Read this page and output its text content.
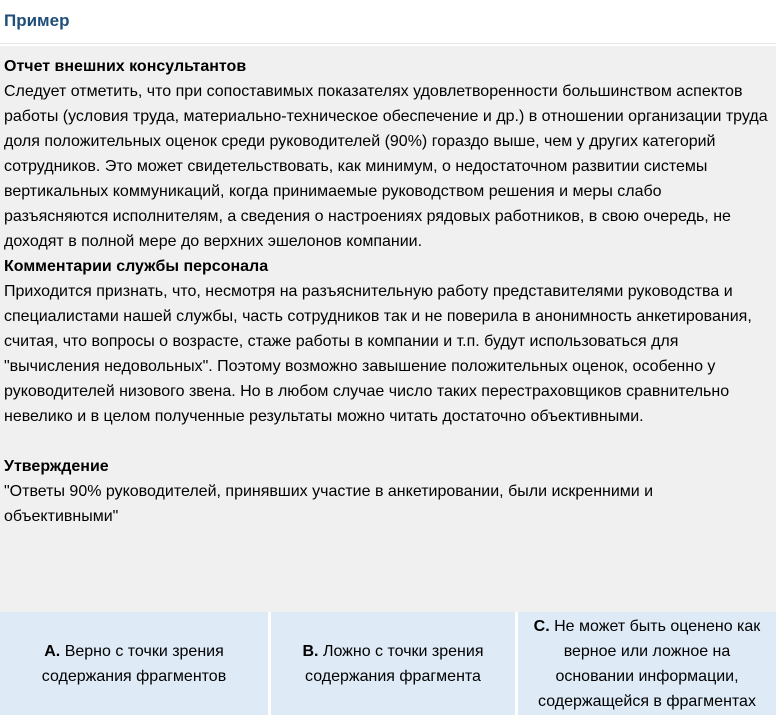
Пример

Отчет внешних консультантов

Следует отметить, что при сопоставимых показателях удовлетворенности большинством аспектов работы (условия труда, материально-техническое обеспечение и др.) в отношении организации труда доля положительных оценок среди руководителей (90%) гораздо выше, чем у других категорий сотрудников. Это может свидетельствовать, как минимум, о недостаточном развитии системы вертикальных коммуникаций, когда принимаемые руководством решения и меры слабо разъясняются исполнителям, а сведения о настроениях рядовых работников, в свою очередь, не доходят в полной мере до верхних эшелонов компании.

Комментарии службы персонала

Приходится признать, что, несмотря на разъяснительную работу представителями руководства и специалистами нашей службы, часть сотрудников так и не поверила в анонимность анкетирования, считая, что вопросы о возрасте, стаже работы в компании и т.п. будут использоваться для "вычисления недовольных". Поэтому возможно завышение положительных оценок, особенно у руководителей низового звена. Но в любом случае число таких перестраховщиков сравнительно невелико и в целом полученные результаты можно читать достаточно объективными.

Утверждение

"Ответы 90% руководителей, принявших участие в анкетировании, были искренними и объективными"

A. Верно с точки зрения содержания фрагментов
B. Ложно с точки зрения содержания фрагмента
C. Не может быть оценено как верное или ложное на основании информации, содержащейся в фрагментах
